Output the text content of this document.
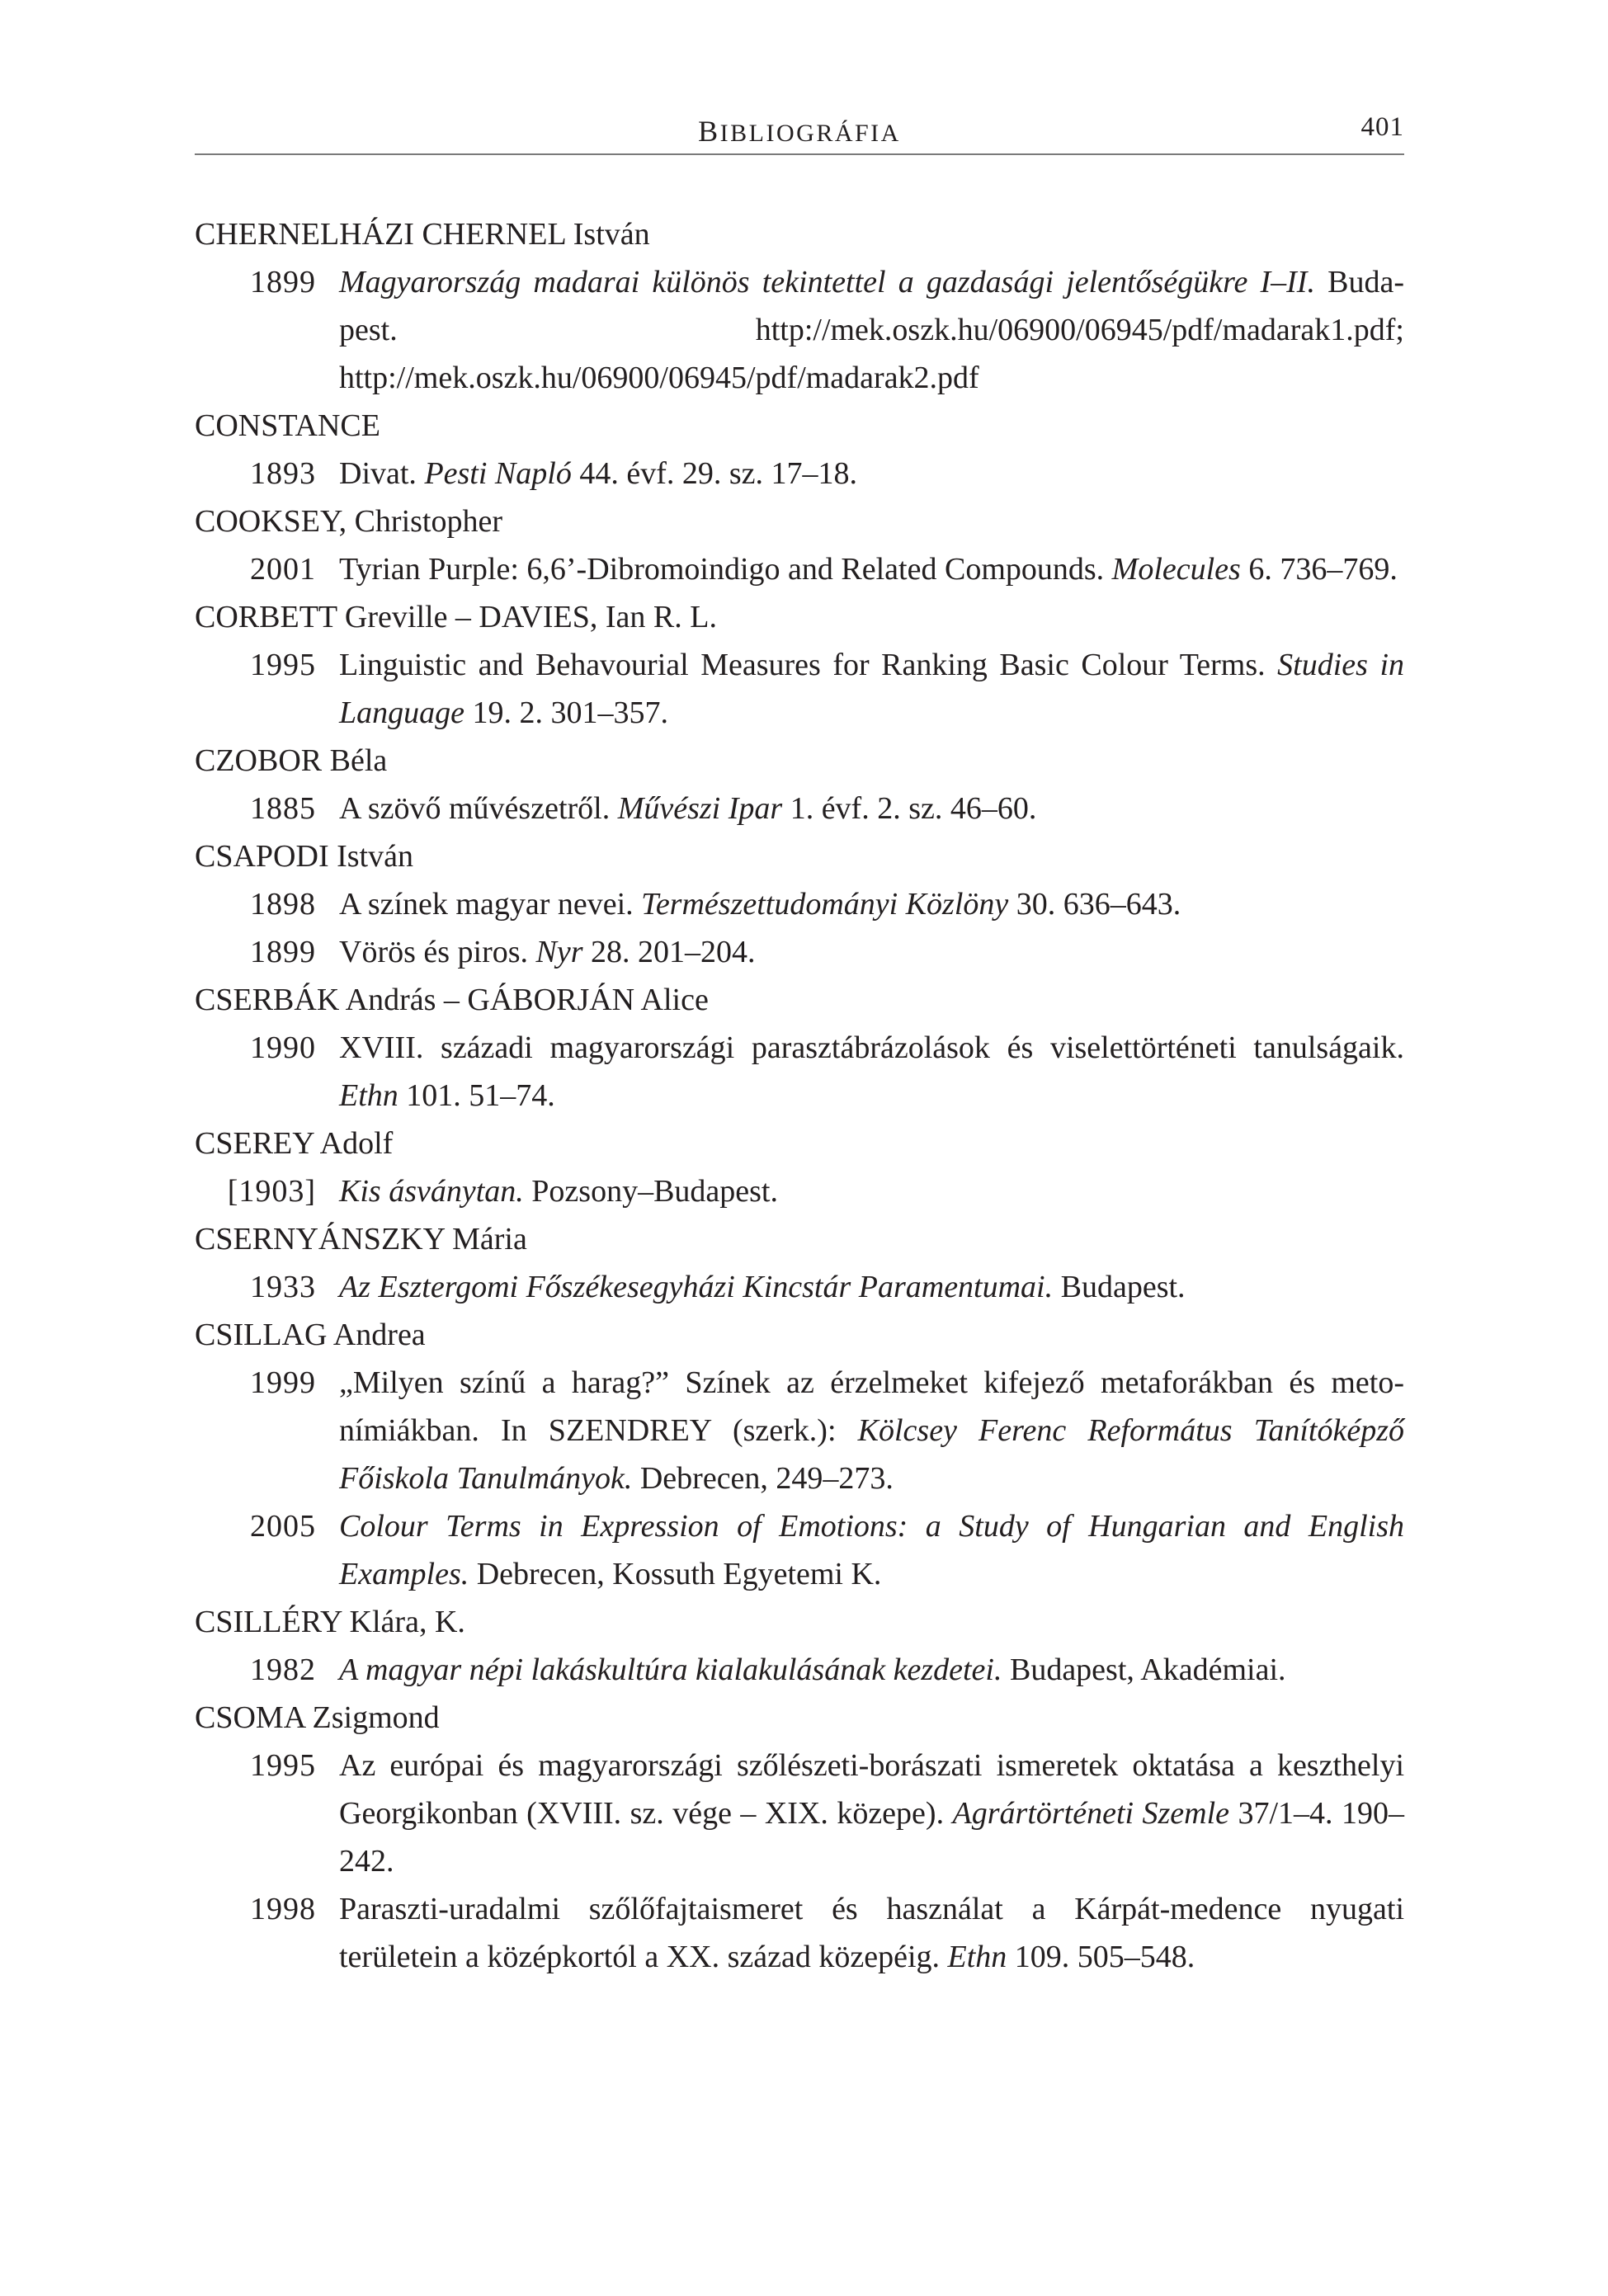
BIBLIOGRÁFIA	401
CHERNELHÁZI CHERNEL István
1899 Magyarország madarai különös tekintettel a gazdasági jelentőségükre I–II. Buda-pest. http://mek.oszk.hu/06900/06945/pdf/madarak1.pdf; http://mek.oszk.hu/06900/06945/pdf/madarak2.pdf
CONSTANCE
1893 Divat. Pesti Napló 44. évf. 29. sz. 17–18.
COOKSEY, Christopher
2001 Tyrian Purple: 6,6’-Dibromoindigo and Related Compounds. Molecules 6. 736–769.
CORBETT Greville – DAVIES, Ian R. L.
1995 Linguistic and Behavourial Measures for Ranking Basic Colour Terms. Studies in Language 19. 2. 301–357.
CZOBOR Béla
1885 A szövő művészetről. Művészi Ipar 1. évf. 2. sz. 46–60.
CSAPODI István
1898 A színek magyar nevei. Természettudományi Közlöny 30. 636–643.
1899 Vörös és piros. Nyr 28. 201–204.
CSERBÁK András – GÁBORJÁN Alice
1990 XVIII. századi magyarországi parasztábrázolások és viselettörténeti tanulságaik. Ethn 101. 51–74.
CSEREY Adolf
[1903] Kis ásványtan. Pozsony–Budapest.
CSERNYÁNSZKY Mária
1933 Az Esztergomi Főszékesegyházi Kincstár Paramentumai. Budapest.
CSILLAG Andrea
1999 „Milyen színű a harag?” Színek az érzelmeket kifejező metaforákban és meto-nímiákban. In SZENDREY (szerk.): Kölcsey Ferenc Református Tanítóképző Főiskola Tanulmányok. Debrecen, 249–273.
2005 Colour Terms in Expression of Emotions: a Study of Hungarian and English Examples. Debrecen, Kossuth Egyetemi K.
CSILLÉRY Klára, K.
1982 A magyar népi lakáskultúra kialakulásának kezdetei. Budapest, Akadémiai.
CSOMA Zsigmond
1995 Az európai és magyarországi szőlészeti-borászati ismeretek oktatása a keszthelyi Georgikonban (XVIII. sz. vége – XIX. közepe). Agrártörténeti Szemle 37/1–4. 190–242.
1998 Paraszti-uradalmi szőlőfajtaismeret és használat a Kárpát-medence nyugati területein a középkortól a XX. század közepéig. Ethn 109. 505–548.
